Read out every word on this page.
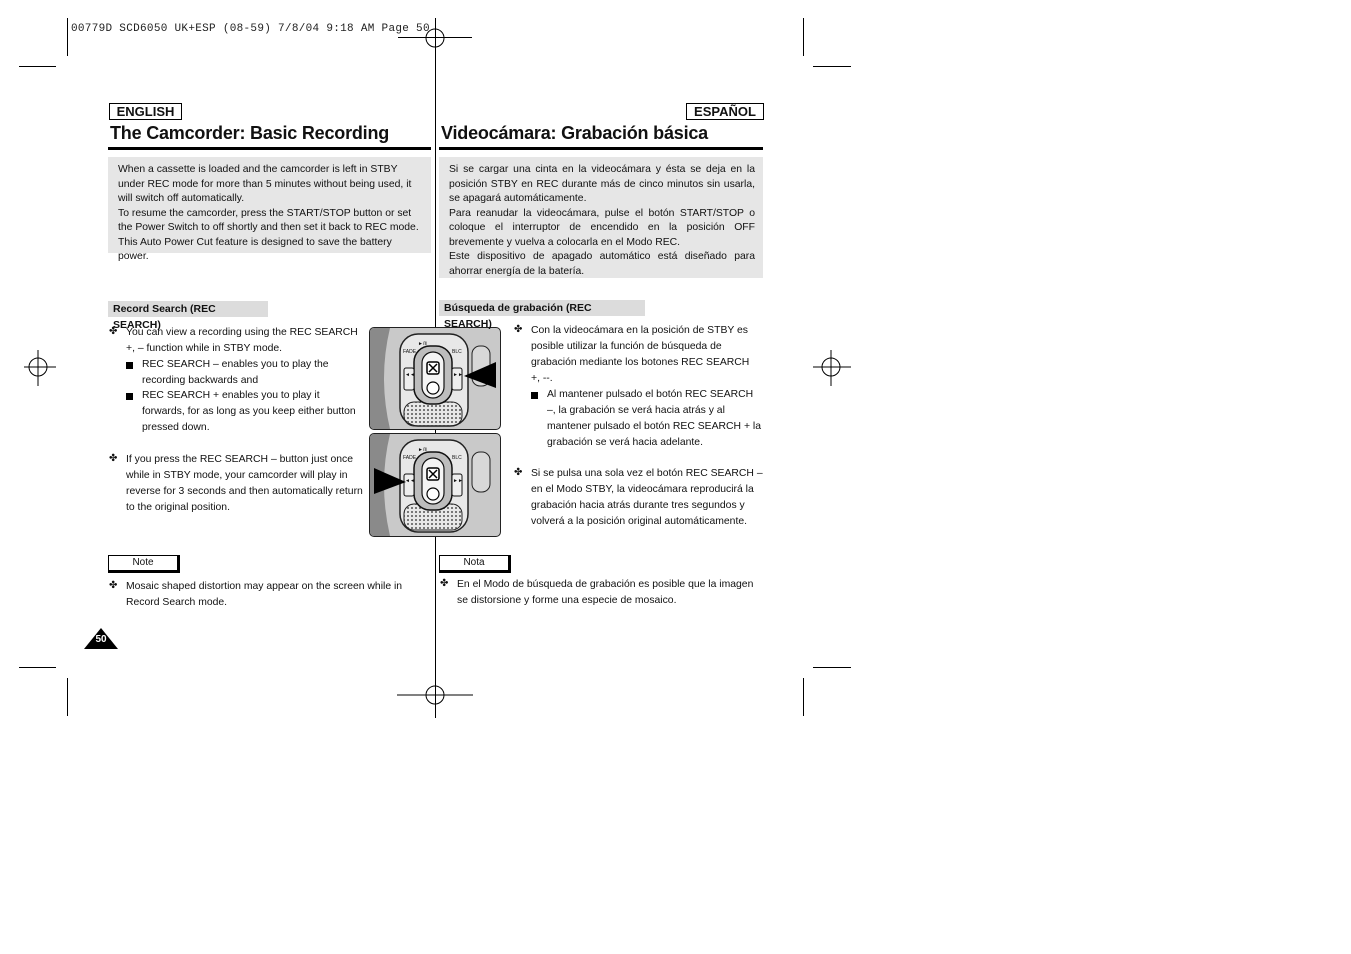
00779D SCD6050 UK+ESP (08-59) 7/8/04 9:18 AM Page 50
ENGLISH
The Camcorder: Basic Recording

When a cassette is loaded and the camcorder is left in STBY under REC mode for more than 5 minutes without being used, it will switch off automatically.

To resume the camcorder, press the START/STOP button or set the Power Switch to off shortly and then set it back to REC mode.

This Auto Power Cut feature is designed to save the battery power.

Record Search (REC SEARCH)
✤ You can view a recording using the REC SEARCH +, – function while in STBY mode.
REC SEARCH – enables you to play the recording backwards and
REC SEARCH + enables you to play it forwards, for as long as you keep either button pressed down.
✤ If you press the REC SEARCH – button just once while in STBY mode, your camcorder will play in reverse for 3 seconds and then automatically return to the original position.
Note
✤ Mosaic shaped distortion may appear on the screen while in Record Search mode.
50
FADE	BLC
►/Ⅱ
◄◄	►►
FADE	BLC
►/Ⅱ
◄◄	►►
ESPAÑOL
Videocámara: Grabación básica

Si se cargar una cinta en la videocámara y ésta se deja en la posición STBY en REC durante más de cinco minutos sin usarla, se apagará automáticamente.

Para reanudar la videocámara, pulse el botón START/STOP o coloque el interruptor de encendido en la posición OFF brevemente y vuelva a colocarla en el Modo REC.

Este dispositivo de apagado automático está diseñado para ahorrar energía de la batería.

Búsqueda de grabación (REC SEARCH)	✤ Con la videocámara en la posición de STBY es posible utilizar la función de búsqueda de grabación mediante los botones REC SEARCH +, --.
Al mantener pulsado el botón REC SEARCH –, la grabación se verá hacia atrás y al mantener pulsado el botón REC SEARCH + la grabación se verá hacia adelante.
✤ Si se pulsa una sola vez el botón REC SEARCH – en el Modo STBY, la videocámara reproducirá la grabación hacia atrás durante tres segundos y volverá a la posición original automáticamente.
Nota
✤ En el Modo de búsqueda de grabación es posible que la imagen se distorsione y forme una especie de mosaico.
